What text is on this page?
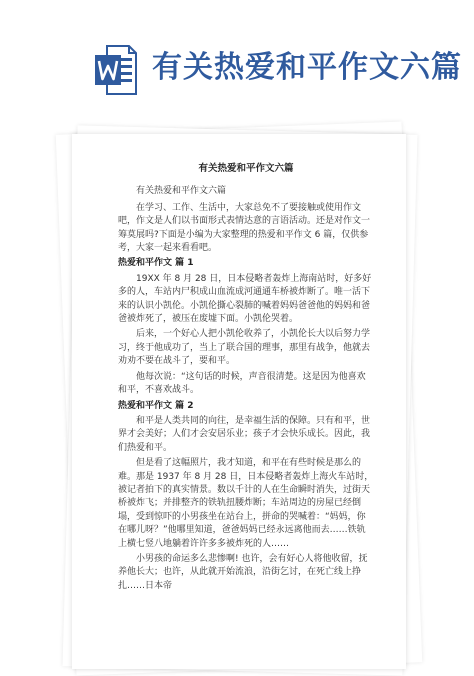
有关热爱和平作文六篇

有关热爱和平作文六篇

有关热爱和平作文六篇

在学习、工作、生活中，大家总免不了要接触或使用作文吧，作文是人们以书面形式表情达意的言语活动。还是对作文一筹莫展吗?下面是小编为大家整理的热爱和平作文 6 篇，仅供参考，大家一起来看看吧。

热爱和平作文 篇 1

19XX 年 8 月 28 日，日本侵略者轰炸上海南站时，好多好多的人，车站内尸积成山血流成河通通车桥被炸断了。唯一活下来的认识小凯伦。小凯伦撕心裂肺的喊着妈妈爸爸他的妈妈和爸爸被炸死了，被压在废墟下面。小凯伦哭着。

后来，一个好心人把小凯伦收养了，小凯伦长大以后努力学习，终于他成功了，当上了联合国的理事，那里有战争，他就去劝劝不要在战斗了，要和平。

他每次说：“这句话的时候，声音很清楚。这是因为他喜欢和平，不喜欢战斗。

热爱和平作文 篇 2

和平是人类共同的向往，是幸福生活的保障。只有和平，世界才会美好；人们才会安居乐业；孩子才会快乐成长。因此，我们热爱和平。

但是看了这幅照片，我才知道，和平在有些时候是那么的难。那是 1937 年 8 月 28 日，日本侵略者轰炸上海火车站时，被记者拍下的真实情景。数以千计的人在生命瞬时消失，过街天桥被炸飞；并排整齐的铁轨扭腰炸断；车站周边的房屋已经倒塌，受到惊吓的小男孩坐在站台上，拼命的哭喊着：“妈妈，你在哪儿呀？”他哪里知道，爸爸妈妈已经永远离他而去……铁轨上横七竖八地躺着许许多多被炸死的人……

小男孩的命运多么悲惨啊! 也许，会有好心人将他收留，抚养他长大；也许，从此就开始流浪，沿街乞讨，在死亡线上挣扎……日本帝
